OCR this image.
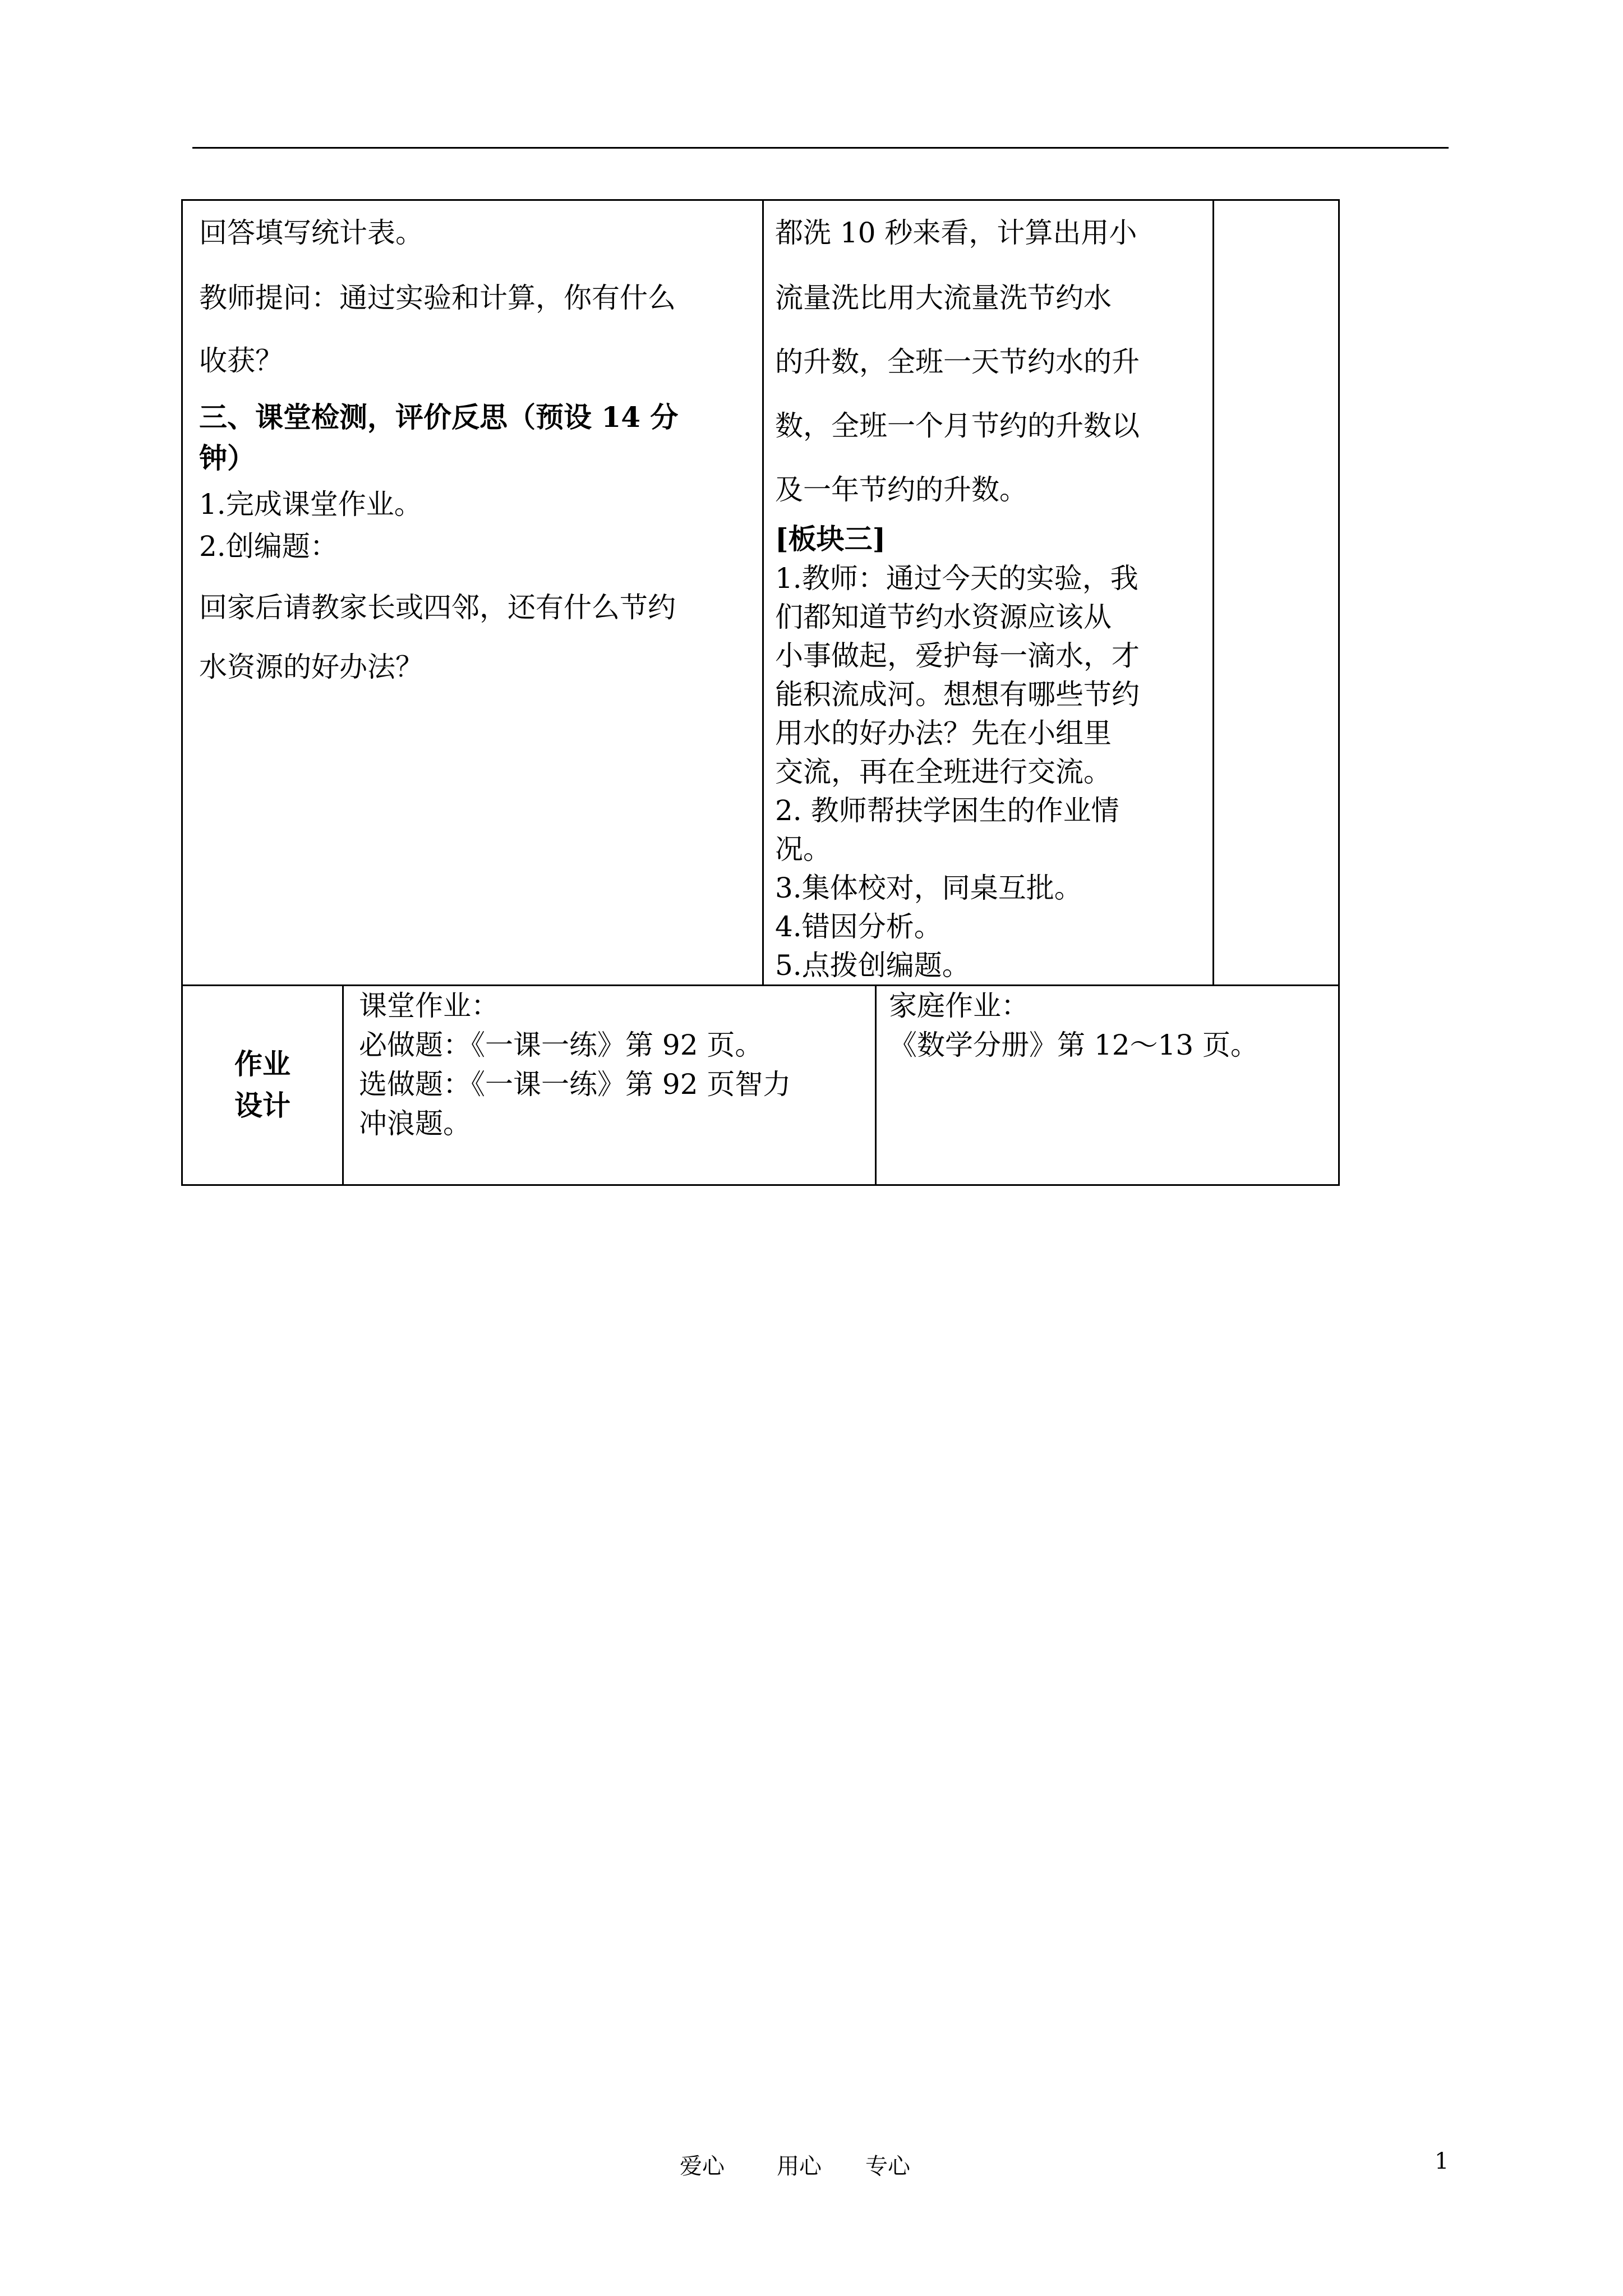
回答填写统计表。
教师提问：通过实验和计算，你有什么
收获？
三、课堂检测，评价反思（预设 14 分
钟）
1.完成课堂作业。
2.创编题：
回家后请教家长或四邻，还有什么节约
水资源的好办法？
都洗 10 秒来看，计算出用小
流量洗比用大流量洗节约水
的升数，全班一天节约水的升
数，全班一个月节约的升数以
及一年节约的升数。
[板块三]
1.教师：通过今天的实验，我
们都知道节约水资源应该从
小事做起，爱护每一滴水，才
能积流成河。想想有哪些节约
用水的好办法？先在小组里
交流，再在全班进行交流。
2. 教师帮扶学困生的作业情
况。
3.集体校对，同桌互批。
4.错因分析。
5.点拨创编题。
作业
设计
课堂作业：
必做题：《一课一练》第 92 页。
选做题：《一课一练》第 92 页智力
冲浪题。
家庭作业：
《数学分册》第 12～13 页。
爱心 用心 专心	1
